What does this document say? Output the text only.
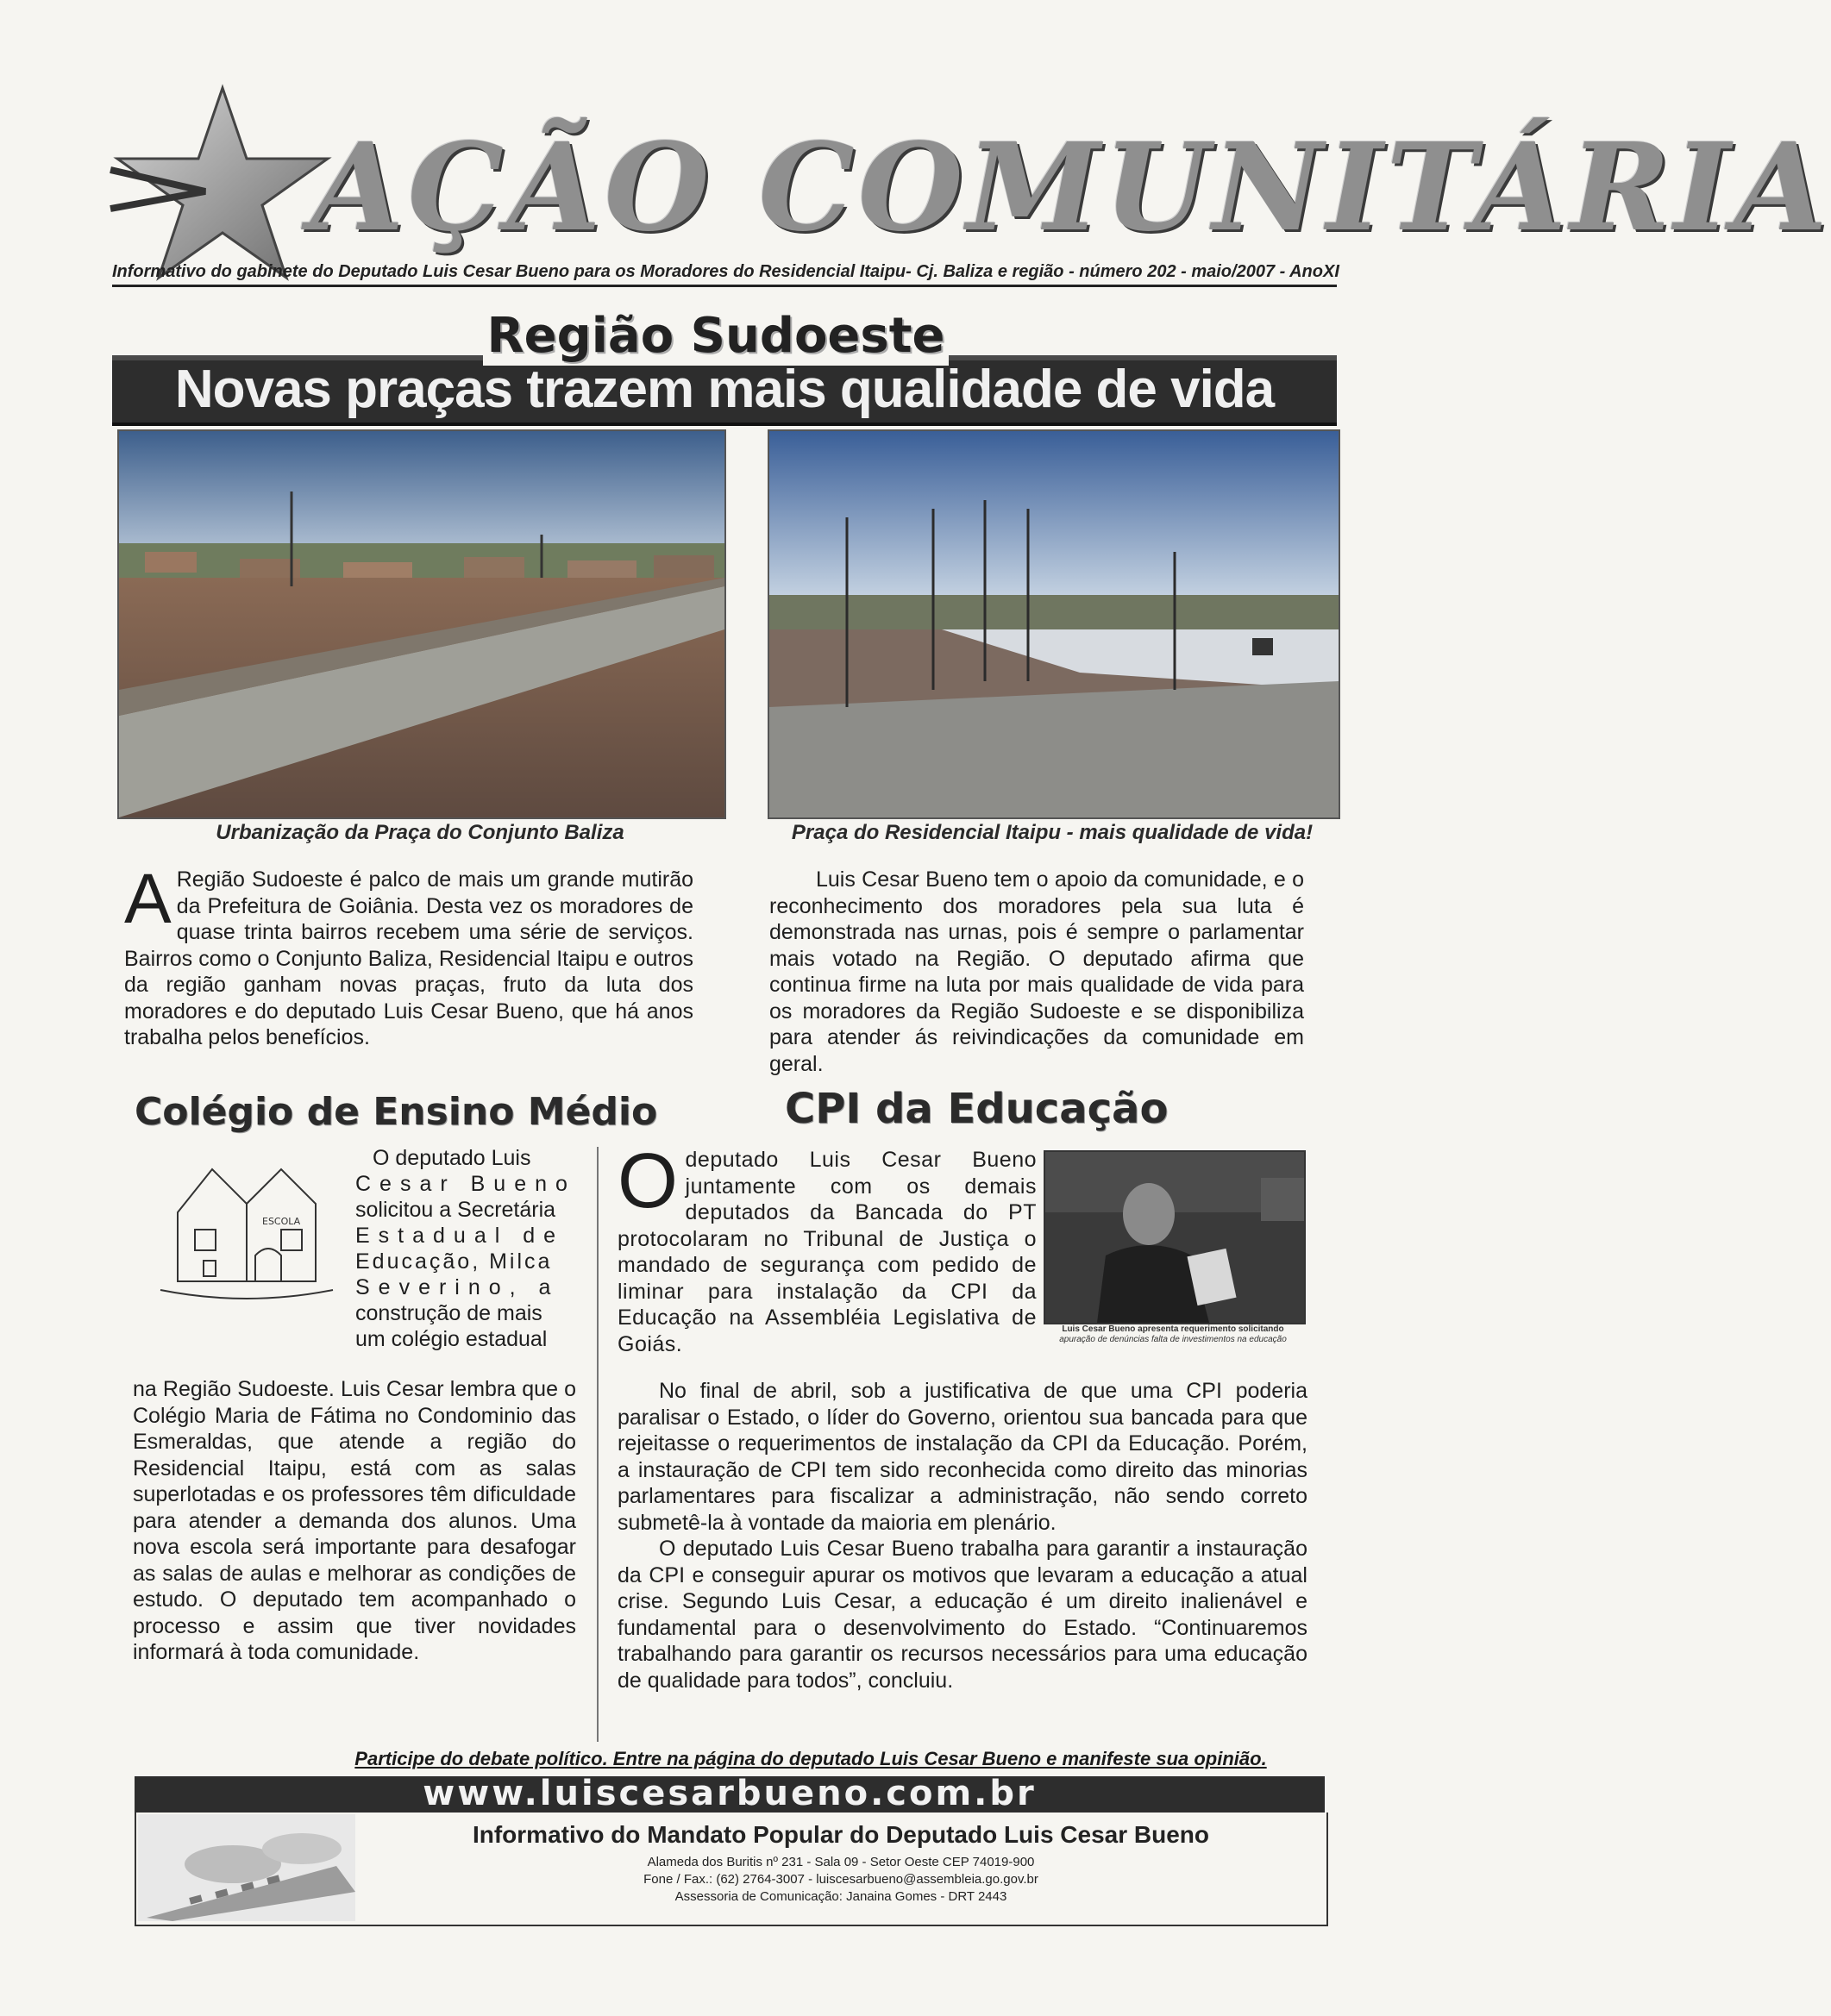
AÇÃO COMUNITÁRIA
Informativo do gabinete do Deputado Luis Cesar Bueno para os Moradores do Residencial Itaipu- Cj. Baliza e região - número 202 - maio/2007 - AnoXI
Região Sudoeste
Novas praças trazem mais qualidade de vida
Urbanização da Praça do Conjunto Baliza	Praça do Residencial Itaipu - mais qualidade de vida!
A Região Sudoeste é palco de mais um grande mutirão da Prefeitura de Goiânia. Desta vez os moradores de quase trinta bairros recebem uma série de serviços. Bairros como o Conjunto Baliza, Residencial Itaipu e outros da região ganham novas praças, fruto da luta dos moradores e do deputado Luis Cesar Bueno, que há anos trabalha pelos benefícios.
Luis Cesar Bueno tem o apoio da comunidade, e o reconhecimento dos moradores pela sua luta é demonstrada nas urnas, pois é sempre o parlamentar mais votado na Região. O deputado afirma que continua firme na luta por mais qualidade de vida para os moradores da Região Sudoeste e se disponibiliza para atender ás reivindicações da comunidade em geral.
Colégio de Ensino Médio
ESCOLA
O deputado Luis
Cesar Bueno
solicitou a Secretária
Estadual de
Educação, Milca
Severino, a
construção de mais
um colégio estadual
na Região Sudoeste. Luis Cesar lembra que o Colégio Maria de Fátima no Condominio das Esmeraldas, que atende a região do Residencial Itaipu, está com as salas superlotadas e os professores têm dificuldade para atender a demanda dos alunos. Uma nova escola será importante para desafogar as salas de aulas e melhorar as condições de estudo. O deputado tem acompanhado o processo e assim que tiver novidades informará à toda comunidade.
CPI da Educação
Odeputado Luis Cesar Bueno juntamente com os demais deputados da Bancada do PT protocolaram no Tribunal de Justiça o mandado de segurança com pedido de liminar para instalação da CPI da Educação na Assembléia Legislativa de Goiás.
Luis Cesar Bueno apresenta requerimento solicitando
apuração de denúncias falta de investimentos na educação

No final de abril, sob a justificativa de que uma CPI poderia paralisar o Estado, o líder do Governo, orientou sua bancada para que rejeitasse o requerimentos de instalação da CPI da Educação. Porém, a instauração de CPI tem sido reconhecida como direito das minorias parlamentares para fiscalizar a administração, não sendo correto submetê-la à vontade da maioria em plenário.

O deputado Luis Cesar Bueno trabalha para garantir a instauração da CPI e conseguir apurar os motivos que levaram a educação a atual crise. Segundo Luis Cesar, a educação é um direito inalienável e fundamental para o desenvolvimento do Estado. “Continuaremos trabalhando para garantir os recursos necessários para uma educação de qualidade para todos”, concluiu.

Participe do debate político. Entre na página do deputado Luis Cesar Bueno e manifeste sua opinião.
www.luiscesarbueno.com.br
Informativo do Mandato Popular do Deputado Luis Cesar Bueno
Alameda dos Buritis nº 231 - Sala 09 - Setor Oeste CEP 74019-900
Fone / Fax.: (62) 2764-3007 - luiscesarbueno@assembleia.go.gov.br
Assessoria de Comunicação: Janaina Gomes - DRT 2443
